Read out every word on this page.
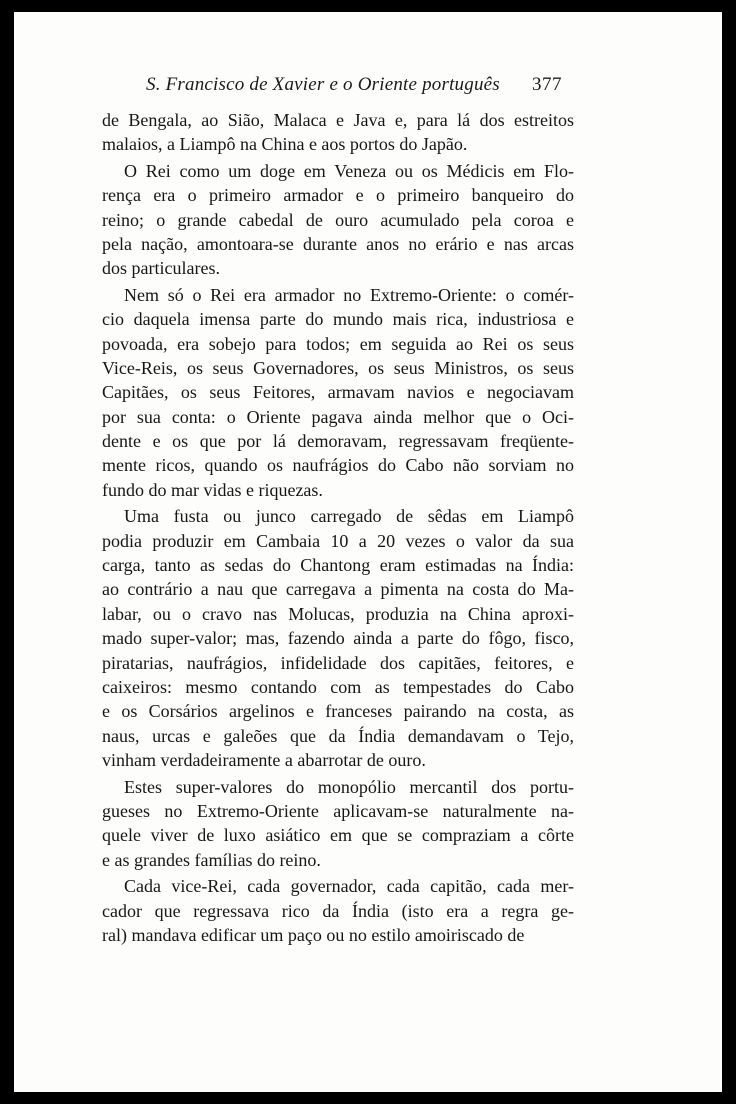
S. Francisco de Xavier e o Oriente português 377
de Bengala, ao Sião, Malaca e Java e, para lá dos estreitos
malaios, a Liampô na China e aos portos do Japão.
O Rei como um doge em Veneza ou os Médicis em Flo-
rença era o primeiro armador e o primeiro banqueiro do
reino; o grande cabedal de ouro acumulado pela coroa e
pela nação, amontoara-se durante anos no erário e nas arcas
dos particulares.
Nem só o Rei era armador no Extremo-Oriente: o comér-
cio daquela imensa parte do mundo mais rica, industriosa e
povoada, era sobejo para todos; em seguida ao Rei os seus
Vice-Reis, os seus Governadores, os seus Ministros, os seus
Capitães, os seus Feitores, armavam navios e negociavam
por sua conta: o Oriente pagava ainda melhor que o Oci-
dente e os que por lá demoravam, regressavam freqüente-
mente ricos, quando os naufrágios do Cabo não sorviam no
fundo do mar vidas e riquezas.
Uma fusta ou junco carregado de sêdas em Liampô
podia produzir em Cambaia 10 a 20 vezes o valor da sua
carga, tanto as sedas do Chantong eram estimadas na Índia:
ao contrário a nau que carregava a pimenta na costa do Ma-
labar, ou o cravo nas Molucas, produzia na China aproxi-
mado super-valor; mas, fazendo ainda a parte do fôgo, fisco,
piratarias, naufrágios, infidelidade dos capitães, feitores, e
caixeiros: mesmo contando com as tempestades do Cabo
e os Corsários argelinos e franceses pairando na costa, as
naus, urcas e galeões que da Índia demandavam o Tejo,
vinham verdadeiramente a abarrotar de ouro.
Estes super-valores do monopólio mercantil dos portu-
gueses no Extremo-Oriente aplicavam-se naturalmente na-
quele viver de luxo asiático em que se compraziam a côrte
e as grandes famílias do reino.
Cada vice-Rei, cada governador, cada capitão, cada mer-
cador que regressava rico da Índia (isto era a regra ge-
ral) mandava edificar um paço ou no estilo amoiriscado de
